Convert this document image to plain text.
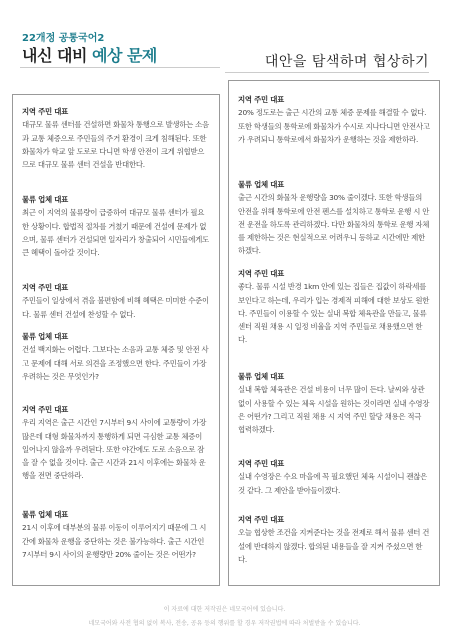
22개정 공통국어2
내신 대비 예상 문제	대안을 탐색하며 협상하기
지역 주민 대표
대규모 물류 센터를 건설하면 화물차 통행으로 발생하는 소음과 교통 체증으로 주민들의 주거 환경이 크게 침해된다. 또한 화물차가 학교 앞 도로로 다니면 학생 안전이 크게 위협받으므로 대규모 물류 센터 건설을 반대한다.
물류 업체 대표
최근 이 지역의 물류량이 급증하여 대규모 물류 센터가 필요한 상황이다. 합법적 절차를 거쳤기 때문에 건설에 문제가 없으며, 물류 센터가 건설되면 일자리가 창출되어 시민들에게도 큰 혜택이 돌아갈 것이다.
지역 주민 대표
주민들이 일상에서 겪을 불편함에 비해 혜택은 미미한 수준이다. 물류 센터 건설에 찬성할 수 없다.
물류 업체 대표
건설 백지화는 어렵다. 그보다는 소음과 교통 체증 및 안전 사고 문제에 대해 서로 의견을 조정했으면 한다. 주민들이 가장 우려하는 것은 무엇인가?
지역 주민 대표
우리 지역은 출근 시간인 7시부터 9시 사이에 교통량이 가장 많은데 대형 화물차까지 통행하게 되면 극심한 교통 체증이 일어나지 않을까 우려된다. 또한 야간에도 도로 소음으로 잠을 잘 수 없을 것이다. 출근 시간과 21시 이후에는 화물차 운행을 전면 중단하라.
물류 업체 대표
21시 이후에 대부분의 물류 이동이 이루어지기 때문에 그 시간에 화물차 운행을 중단하는 것은 불가능하다. 출근 시간인 7시부터 9시 사이의 운행량만 20% 줄이는 것은 어떤가?
지역 주민 대표
20% 정도로는 출근 시간의 교통 체증 문제를 해결할 수 없다. 또한 학생들의 통학로에 화물차가 수시로 지나다니면 안전사고가 우려되니 통학로에서 화물차가 운행하는 것을 제한하라.
물류 업체 대표
출근 시간의 화물차 운행량을 30% 줄이겠다. 또한 학생들의 안전을 위해 통학로에 안전 펜스를 설치하고 통학로 운행 시 안전 운전을 하도록 관리하겠다. 다만 화물차의 통학로 운행 자체를 제한하는 것은 현실적으로 어려우니 등하교 시간에만 제한하겠다.
지역 주민 대표
좋다. 물류 시설 반경 1km 안에 있는 집들은 집값이 하락세를 보인다고 하는데, 우리가 입는 경제적 피해에 대한 보상도 원한다. 주민들이 이용할 수 있는 실내 복합 체육관을 만들고, 물류 센터 직원 채용 시 일정 비율을 지역 주민들로 채용했으면 한다.
물류 업체 대표
실내 복합 체육관은 건설 비용이 너무 많이 든다. 날씨와 상관없이 사용할 수 있는 체육 시설을 원하는 것이라면 실내 수영장은 어떤가? 그리고 직원 채용 시 지역 주민 할당 채용은 적극 협력하겠다.
지역 주민 대표
실내 수영장은 수요 마을에 꼭 필요했던 체육 시설이니 괜찮은 것 같다. 그 제안을 받아들이겠다.
지역 주민 대표
오늘 협상한 조건을 지켜준다는 것을 전제로 해서 물류 센터 건설에 반대하지 않겠다. 합의된 내용들을 잘 지켜 주셨으면 한다.
이 자료에 대한 저작권은 네모국어에 있습니다.
네모국어와 사전 협의 없이 복사, 전송, 공유 등의 행위를 할 경우 저작권법에 따라 처벌받을 수 있습니다.
